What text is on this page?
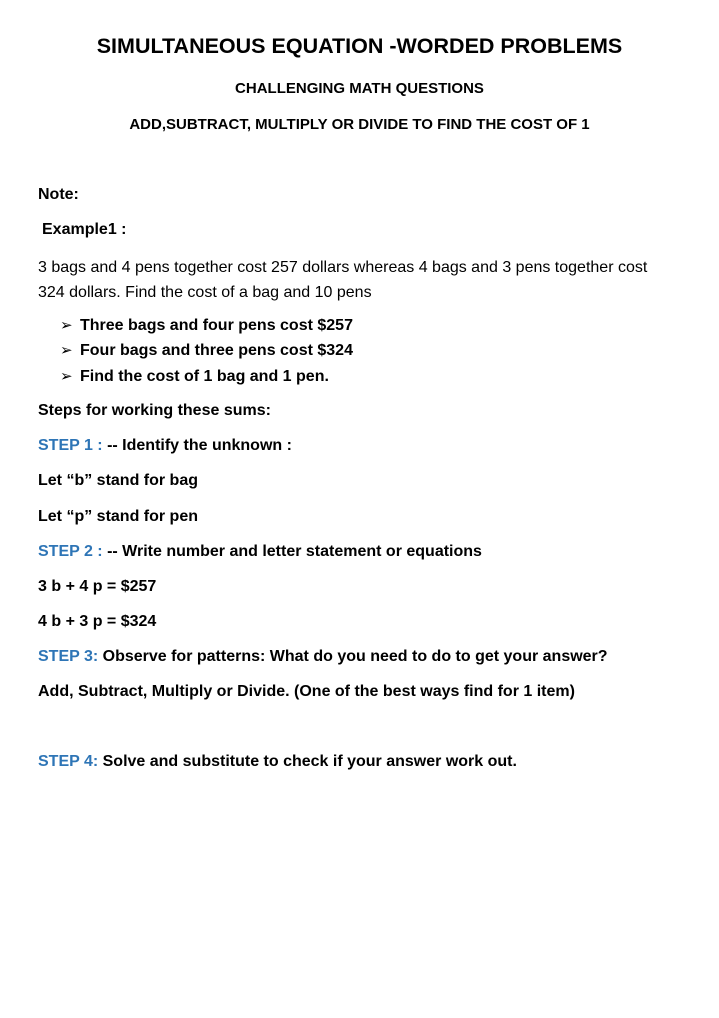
SIMULTANEOUS EQUATION -WORDED PROBLEMS
CHALLENGING MATH QUESTIONS
ADD,SUBTRACT, MULTIPLY OR DIVIDE TO FIND THE COST OF 1
Note:
Example1 :

3 bags and 4 pens together cost 257 dollars whereas 4 bags and 3 pens together cost 324 dollars. Find the cost of a bag and 10 pens

➢ Three bags and four pens cost $257
➢ Four bags and three pens cost $324
➢ Find the cost of 1 bag and 1 pen.
Steps for working these sums:
STEP 1 : -- Identify the unknown :
Let “b” stand for bag
Let “p” stand for pen
STEP 2 : -- Write number and letter statement or equations
3 b + 4 p = $257
4 b + 3 p = $324
STEP 3: Observe for patterns: What do you need to do to get your answer?
Add, Subtract, Multiply or Divide. (One of the best ways find for 1 item)
STEP 4: Solve and substitute to check if your answer work out.
